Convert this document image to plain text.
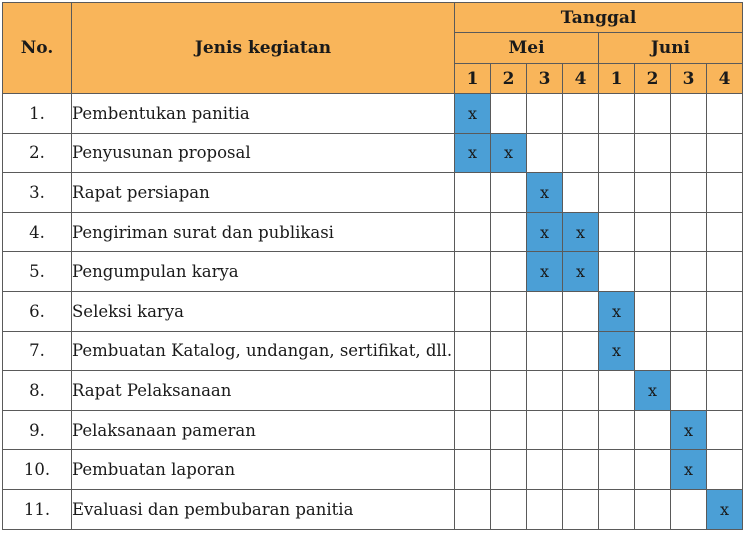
No.	Jenis kegiatan	Tanggal							
		Mei				Juni			
		1	2	3	4	1	2	3	4
1.	Pembentukan panitia	x							
2.	Penyusunan proposal	x	x						
3.	Rapat persiapan			x					
4.	Pengiriman surat dan publikasi			x	x				
5.	Pengumpulan karya			x	x				
6.	Seleksi karya					x			
7.	Pembuatan Katalog, undangan, sertifikat, dll.					x			
8.	Rapat Pelaksanaan						x		
9.	Pelaksanaan pameran							x	
10.	Pembuatan laporan							x	
11.	Evaluasi dan pembubaran panitia								x
